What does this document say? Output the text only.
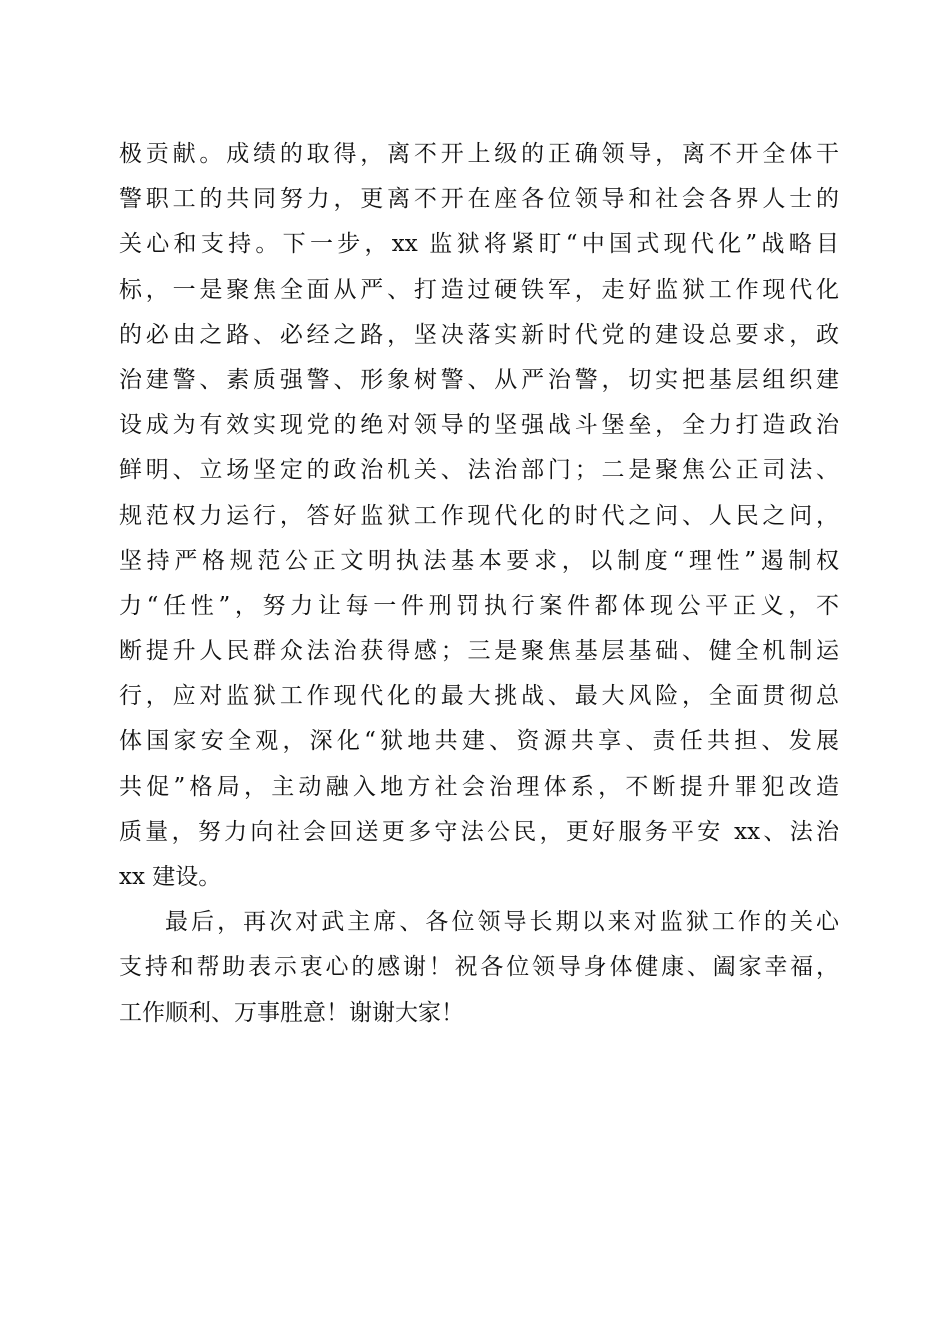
极贡献。成绩的取得，离不开上级的正确领导，离不开全体干
警职工的共同努力，更离不开在座各位领导和社会各界人士的
关心和支持。下一步，xx 监狱将紧盯“中国式现代化”战略目
标，一是聚焦全面从严、打造过硬铁军，走好监狱工作现代化
的必由之路、必经之路，坚决落实新时代党的建设总要求，政
治建警、素质强警、形象树警、从严治警，切实把基层组织建
设成为有效实现党的绝对领导的坚强战斗堡垒，全力打造政治
鲜明、立场坚定的政治机关、法治部门；二是聚焦公正司法、
规范权力运行，答好监狱工作现代化的时代之问、人民之问，
坚持严格规范公正文明执法基本要求，以制度“理性”遏制权
力“任性”，努力让每一件刑罚执行案件都体现公平正义，不
断提升人民群众法治获得感；三是聚焦基层基础、健全机制运
行，应对监狱工作现代化的最大挑战、最大风险，全面贯彻总
体国家安全观，深化“狱地共建、资源共享、责任共担、发展
共促”格局，主动融入地方社会治理体系，不断提升罪犯改造
质量，努力向社会回送更多守法公民，更好服务平安 xx、法治
xx 建设。
最后，再次对武主席、各位领导长期以来对监狱工作的关心
支持和帮助表示衷心的感谢！祝各位领导身体健康、阖家幸福，
工作顺利、万事胜意！谢谢大家！
